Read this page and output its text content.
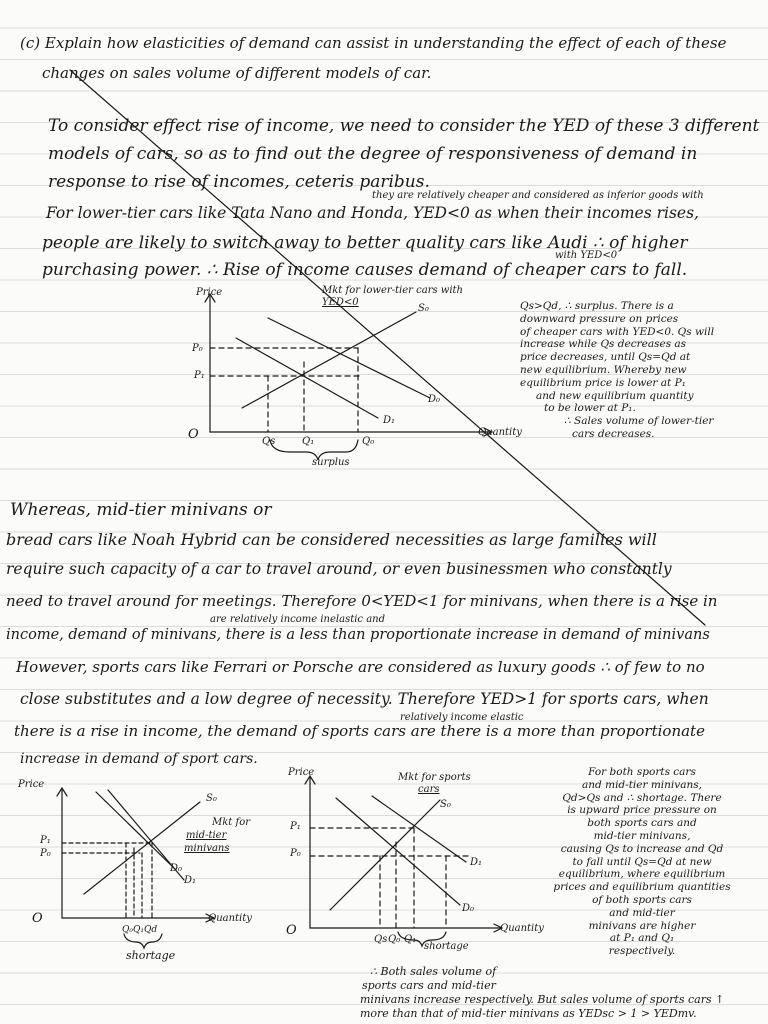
(c) Explain how elasticities of demand can assist in understanding the effect of each of these
changes on sales volume of different models of car.
To consider effect rise of income, we need to consider the YED of these 3 different
models of cars, so as to find out the degree of responsiveness of demand in
response to rise of incomes, ceteris paribus.
they are relatively cheaper and considered as inferior goods with
For lower-tier cars like Tata Nano and Honda, YED<0 as when their incomes rises,
people are likely to switch away to better quality cars like Audi ∴ of higher
with YED<0
purchasing power. ∴ Rise of income causes demand of cheaper cars to fall.
Mkt for lower-tier cars with
YED<0
Price
Quantity
O
P₀
P₁
S₀
D₀
D₁
Qs	Q₁	Q₀
surplus
Qs>Qd, ∴ surplus. There is a
downward pressure on prices
of cheaper cars with YED<0. Qs will
increase while Qs decreases as
price decreases, until Qs=Qd at
new equilibrium. Whereby new
equilibrium price is lower at P₁
and new equilibrium quantity
to be lower at P₁.
∴ Sales volume of lower-tier
cars decreases.
Whereas, mid-tier minivans or
bread cars like Noah Hybrid can be considered necessities as large families will
require such capacity of a car to travel around, or even businessmen who constantly
need to travel around for meetings. Therefore 0<YED<1 for minivans, when there is a rise in
are relatively income inelastic and
income, demand of minivans, there is a less than proportionate increase in demand of minivans
However, sports cars like Ferrari or Porsche are considered as luxury goods ∴ of few to no
close substitutes and a low degree of necessity. Therefore YED>1 for sports cars, when
relatively income elastic
there is a rise in income, the demand of sports cars are there is a more than proportionate
increase in demand of sport cars.
Mkt for
mid-tier
minivans
Price
Quantity
O
P₁
P₀
S₀
D₁
D₀
Q₀Q₁Qd
shortage
Mkt for sports
cars
Price
Quantity
O
P₁
P₀
S₀
D₁
D₀
Qs Q₀ Q₁
shortage
For both sports cars
and mid-tier minivans,
Qd>Qs and ∴ shortage. There
is upward price pressure on
both sports cars and
mid-tier minivans,
causing Qs to increase and Qd
to fall until Qs=Qd at new
equilibrium, where equilibrium
prices and equilibrium quantities
of both sports cars
and mid-tier
minivans are higher
at P₁ and Q₁
respectively.
∴ Both sales volume of
sports cars and mid-tier
minivans increase respectively. But sales volume of sports cars ↑
more than that of mid-tier minivans as YEDsc > 1 > YEDmv.
